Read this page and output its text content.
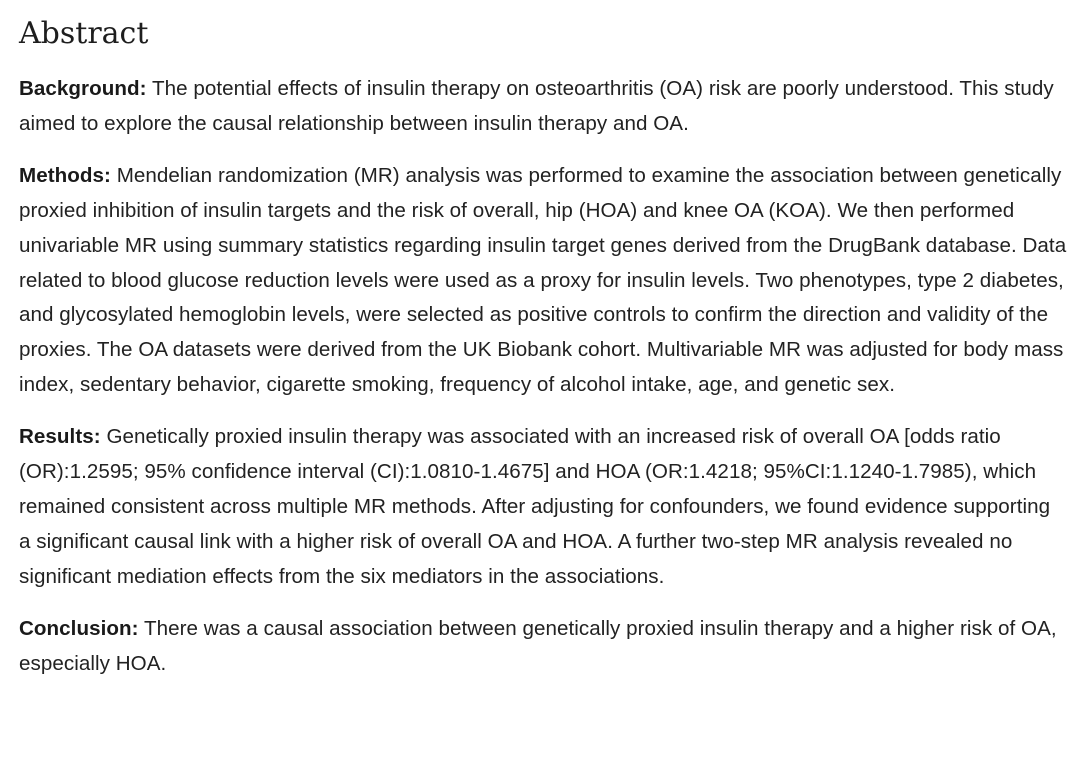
Abstract

Background: The potential effects of insulin therapy on osteoarthritis (OA) risk are poorly understood. This study aimed to explore the causal relationship between insulin therapy and OA.

Methods: Mendelian randomization (MR) analysis was performed to examine the association between genetically proxied inhibition of insulin targets and the risk of overall, hip (HOA) and knee OA (KOA). We then performed univariable MR using summary statistics regarding insulin target genes derived from the DrugBank database. Data related to blood glucose reduction levels were used as a proxy for insulin levels. Two phenotypes, type 2 diabetes, and glycosylated hemoglobin levels, were selected as positive controls to confirm the direction and validity of the proxies. The OA datasets were derived from the UK Biobank cohort. Multivariable MR was adjusted for body mass index, sedentary behavior, cigarette smoking, frequency of alcohol intake, age, and genetic sex.

Results: Genetically proxied insulin therapy was associated with an increased risk of overall OA [odds ratio (OR):1.2595; 95% confidence interval (CI):1.0810-1.4675] and HOA (OR:1.4218; 95%CI:1.1240-1.7985), which remained consistent across multiple MR methods. After adjusting for confounders, we found evidence supporting a significant causal link with a higher risk of overall OA and HOA. A further two-step MR analysis revealed no significant mediation effects from the six mediators in the associations.

Conclusion: There was a causal association between genetically proxied insulin therapy and a higher risk of OA, especially HOA.
